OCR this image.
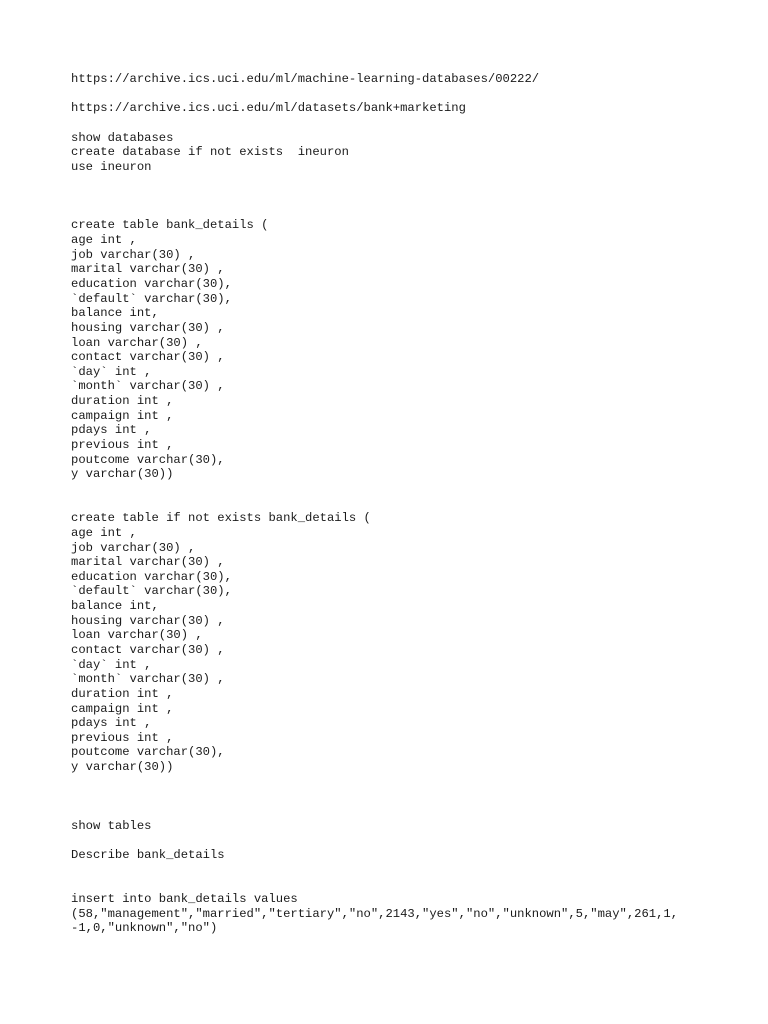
https://archive.ics.uci.edu/ml/machine-learning-databases/00222/
https://archive.ics.uci.edu/ml/datasets/bank+marketing
show databases
create database if not exists  ineuron
use ineuron
create table bank_details (
age int ,
job varchar(30) ,
marital varchar(30) ,
education varchar(30),
`default` varchar(30),
balance int,
housing varchar(30) ,
loan varchar(30) ,
contact varchar(30) ,
`day` int ,
`month` varchar(30) ,
duration int ,
campaign int ,
pdays int ,
previous int ,
poutcome varchar(30),
y varchar(30))
create table if not exists bank_details (
age int ,
job varchar(30) ,
marital varchar(30) ,
education varchar(30),
`default` varchar(30),
balance int,
housing varchar(30) ,
loan varchar(30) ,
contact varchar(30) ,
`day` int ,
`month` varchar(30) ,
duration int ,
campaign int ,
pdays int ,
previous int ,
poutcome varchar(30),
y varchar(30))
show tables
Describe bank_details
insert into bank_details values
(58,"management","married","tertiary","no",2143,"yes","no","unknown",5,"may",261,1,
-1,0,"unknown","no")
